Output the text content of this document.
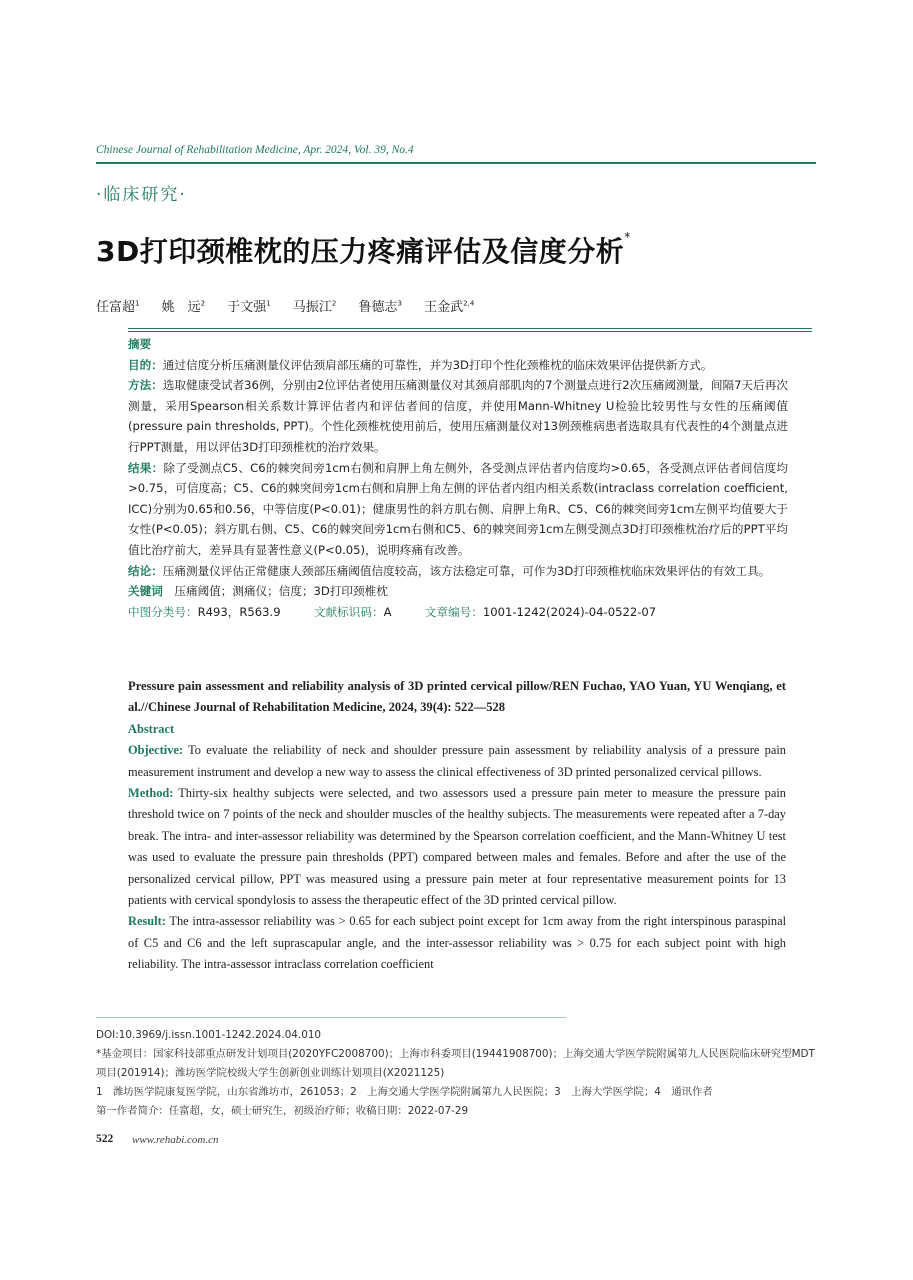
Chinese Journal of Rehabilitation Medicine, Apr. 2024, Vol. 39, No.4
·临床研究·
3D打印颈椎枕的压力疼痛评估及信度分析*
任富超$^1$ 姚　远$^2$ 于文强$^1$ 马振江$^2$ 鲁德志$^3$ 王金武$^{2,4}$

摘要

目的：通过信度分析压痛测量仪评估颈肩部压痛的可靠性，并为3D打印个性化颈椎枕的临床效果评估提供新方式。

方法：选取健康受试者36例，分别由2位评估者使用压痛测量仪对其颈肩部肌肉的7个测量点进行2次压痛阈测量，间隔7天后再次测量，采用Spearson相关系数计算评估者内和评估者间的信度，并使用Mann-Whitney U检验比较男性与女性的压痛阈值(pressure pain thresholds, PPT)。个性化颈椎枕使用前后，使用压痛测量仪对13例颈椎病患者选取具有代表性的4个测量点进行PPT测量，用以评估3D打印颈椎枕的治疗效果。

结果：除了受测点C5、C6的棘突间旁1cm右侧和肩胛上角左侧外，各受测点评估者内信度均>0.65，各受测点评估者间信度均>0.75，可信度高；C5、C6的棘突间旁1cm右侧和肩胛上角左侧的评估者内组内相关系数(intraclass correlation coefficient, ICC)分别为0.65和0.56，中等信度(P<0.01)；健康男性的斜方肌右侧、肩胛上角R、C5、C6的棘突间旁1cm左侧平均值要大于女性(P<0.05)；斜方肌右侧、C5、C6的棘突间旁1cm右侧和C5、6的棘突间旁1cm左侧受测点3D打印颈椎枕治疗后的PPT平均值比治疗前大，差异具有显著性意义(P<0.05)，说明疼痛有改善。

结论：压痛测量仪评估正常健康人颈部压痛阈值信度较高，该方法稳定可靠，可作为3D打印颈椎枕临床效果评估的有效工具。

关键词　 压痛阈值；测痛仪；信度；3D打印颈椎枕

中图分类号：R493，R563.9	文献标识码：A	文章编号：1001-1242(2024)-04-0522-07

Pressure pain assessment and reliability analysis of 3D printed cervical pillow/REN Fuchao, YAO Yuan, YU Wenqiang, et al.//Chinese Journal of Rehabilitation Medicine, 2024, 39(4): 522—528

Abstract

Objective: To evaluate the reliability of neck and shoulder pressure pain assessment by reliability analysis of a pressure pain measurement instrument and develop a new way to assess the clinical effectiveness of 3D printed personalized cervical pillows.

Method: Thirty-six healthy subjects were selected, and two assessors used a pressure pain meter to measure the pressure pain threshold twice on 7 points of the neck and shoulder muscles of the healthy subjects. The measurements were repeated after a 7-day break. The intra- and inter-assessor reliability was determined by the Spearson correlation coefficient, and the Mann-Whitney U test was used to evaluate the pressure pain thresholds (PPT) compared between males and females. Before and after the use of the personalized cervical pillow, PPT was measured using a pressure pain meter at four representative measurement points for 13 patients with cervical spondylosis to assess the therapeutic effect of the 3D printed cervical pillow.

Result: The intra-assessor reliability was > 0.65 for each subject point except for 1cm away from the right interspinous paraspinal of C5 and C6 and the left suprascapular angle, and the inter-assessor reliability was > 0.75 for each subject point with high reliability. The intra-assessor intraclass correlation coefficient

DOI:10.3969/j.issn.1001-1242.2024.04.010

*基金项目：国家科技部重点研发计划项目(2020YFC2008700)；上海市科委项目(19441908700)；上海交通大学医学院附属第九人民医院临床研究型MDT项目(201914)；潍坊医学院校级大学生创新创业训练计划项目(X2021125)

1　潍坊医学院康复医学院，山东省潍坊市，261053；2　上海交通大学医学院附属第九人民医院；3　上海大学医学院；4　通讯作者

第一作者简介：任富超，女，硕士研究生，初级治疗师；收稿日期：2022-07-29

522 www.rehabi.com.cn
